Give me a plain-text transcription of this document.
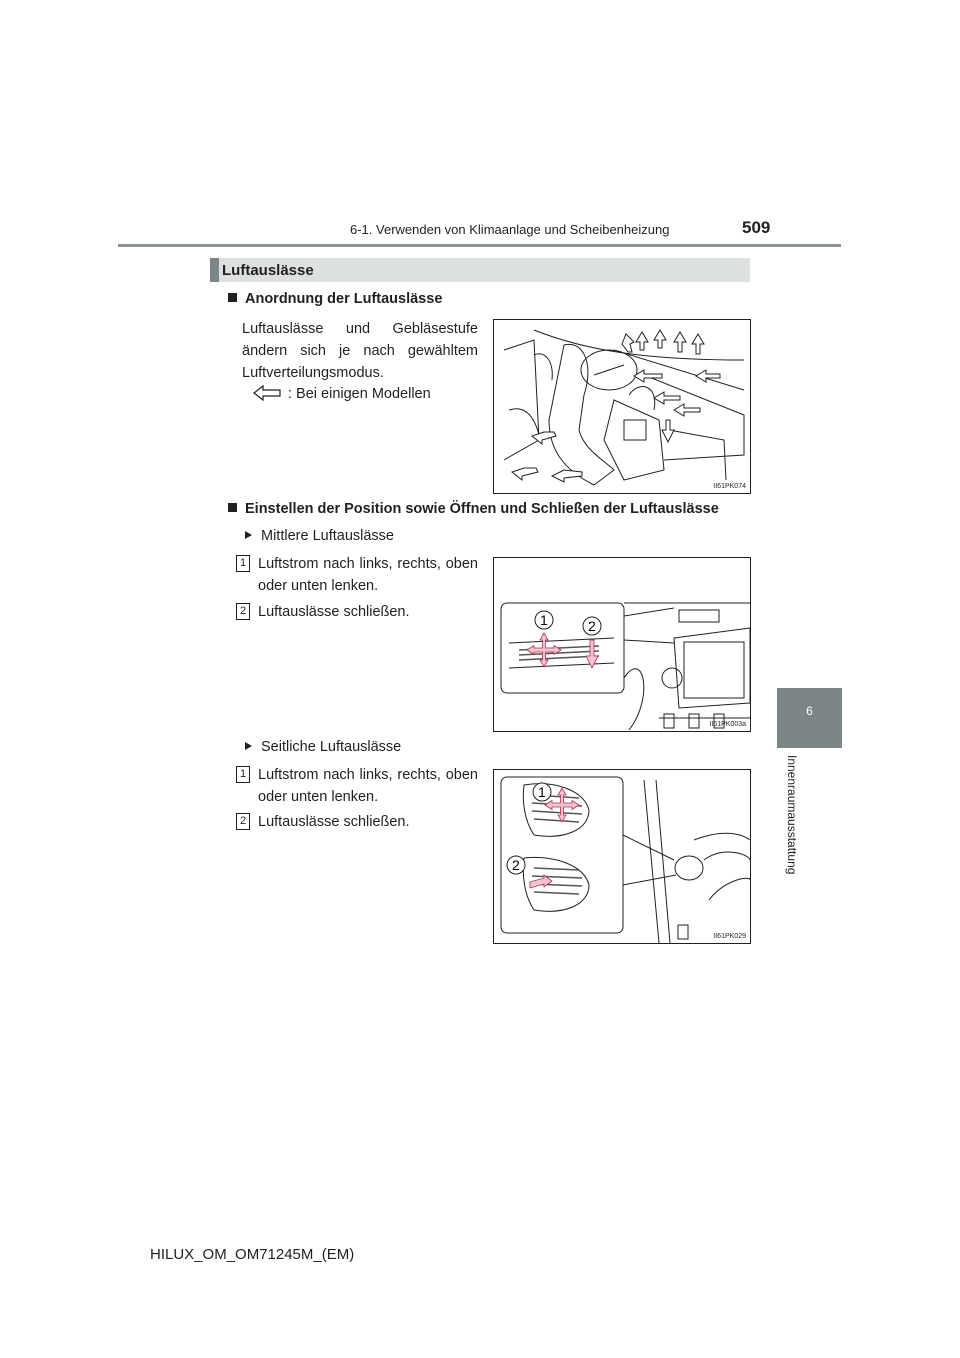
6-1. Verwenden von Klimaanlage und Scheibenheizung	509
6
Innenraumausstattung
Luftauslässe
Anordnung der Luftauslässe
Luftauslässe und Gebläsestufe ändern sich je nach gewähltem Luftverteilungsmodus.
: Bei einigen Modellen
II61PK074
Einstellen der Position sowie Öffnen und Schließen der Luftauslässe
Mittlere Luftauslässe
1 Luftstrom nach links, rechts, oben oder unten lenken.
2 Luftauslässe schließen.	1	2
II61PK003a
Seitliche Luftauslässe
1 Luftstrom nach links, rechts, oben oder unten lenken.
2 Luftauslässe schließen.
1
2
II61PK029
HILUX_OM_OM71245M_(EM)
